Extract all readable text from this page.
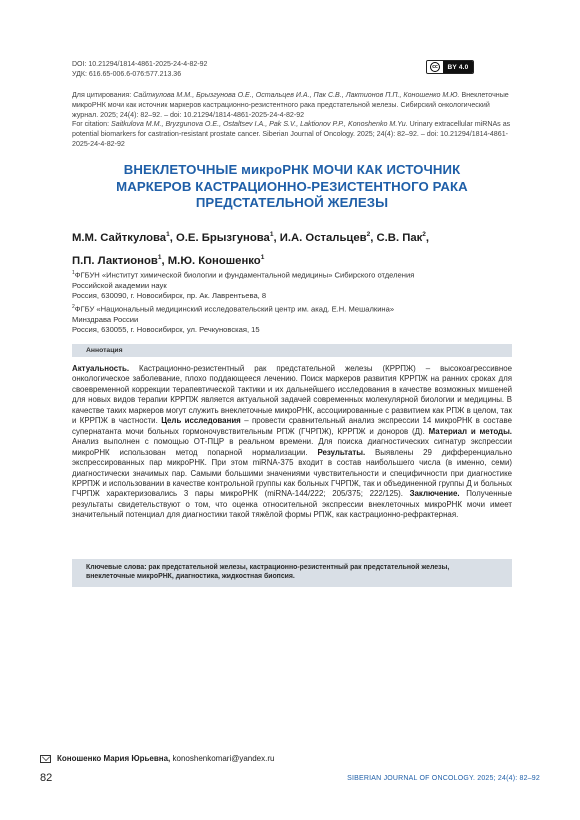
DOI: 10.21294/1814-4861-2025-24-4-82-92
УДК: 616.65-006.6-076:577.213.36
cc	BY 4.0
Для цитирования: Сайткулова М.М., Брызгунова О.Е., Остальцев И.А., Пак С.В., Лактионов П.П., Коношенко М.Ю. Внеклеточные микроРНК мочи как источник маркеров кастрационно-резистентного рака предстательной железы. Сибирский онкологический журнал. 2025; 24(4): 82–92. – doi: 10.21294/1814-4861-2025-24-4-82-92
For citation: Saitkulova M.M., Bryzgunova O.E., Ostaltsev I.A., Pak S.V., Laktionov P.P., Konoshenko M.Yu. Urinary extracellular miRNAs as potential biomarkers for castration-resistant prostate cancer. Siberian Journal of Oncology. 2025; 24(4): 82–92. – doi: 10.21294/1814-4861-2025-24-4-82-92
ВНЕКЛЕТОЧНЫЕ микроРНК МОЧИ КАК ИСТОЧНИК
МАРКЕРОВ КАСТРАЦИОННО-РЕЗИСТЕНТНОГО РАКА
ПРЕДСТАТЕЛЬНОЙ ЖЕЛЕЗЫ
М.М. Сайткулова$^1$, О.Е. Брызгунова$^1$, И.А. Остальцев$^2$, С.В. Пак$^2$,
П.П. Лактионов$^1$, М.Ю. Коношенко$^1$
$^1$ФГБУН «Институт химической биологии и фундаментальной медицины» Сибирского отделения
Российской академии наук
Россия, 630090, г. Новосибирск, пр. Ак. Лаврентьева, 8
$^2$ФГБУ «Национальный медицинский исследовательский центр им. акад. Е.Н. Мешалкина»
Минздрава России
Россия, 630055, г. Новосибирск, ул. Речкуновская, 15
Аннотация
Актуальность. Кастрационно-резистентный рак предстательной железы (КРРПЖ) – высокоагрессивное онкологическое заболевание, плохо поддающееся лечению. Поиск маркеров развития КРРПЖ на ранних сроках для своевременной коррекции терапевтической тактики и их дальнейшего исследования в качестве возможных мишеней для новых видов терапии КРРПЖ является актуальной задачей современных молекулярной биологии и медицины. В качестве таких маркеров могут служить внеклеточные микроРНК, ассоциированные с развитием как РПЖ в целом, так и КРРПЖ в частности. Цель исследования – провести сравнительный анализ экспрессии 14 микроРНК в составе супернатанта мочи больных гормоночувствительным РПЖ (ГЧРПЖ), КРРПЖ и доноров (Д). Материал и методы. Анализ выполнен с помощью ОТ-ПЦР в реальном времени. Для поиска диагностических сигнатур экспрессии микроРНК использован метод попарной нормализации. Результаты. Выявлены 29 дифференциально экспрессированных пар микроРНК. При этом miRNA-375 входит в состав наибольшего числа (в именно, семи) диагностически значимых пар. Самыми большими значениями чувствительности и специфичности при диагностике КРРПЖ и использовании в качестве контрольной группы как больных ГЧРПЖ, так и объединенной группы Д и больных ГЧРПЖ характеризовались 3 пары микроРНК (miRNA-144/222; 205/375; 222/125). Заключение. Полученные результаты свидетельствуют о том, что оценка относительной экспрессии внеклеточных микроРНК мочи имеет значительный потенциал для диагностики такой тяжёлой формы РПЖ, как кастрационно-рефрактерная.
Ключевые слова: рак предстательной железы, кастрационно-резистентный рак предстательной железы, внеклеточные микроРНК, диагностика, жидкостная биопсия.
Коношенко Мария Юрьевна, konoshenkomari@yandex.ru
82	SIBERIAN JOURNAL OF ONCOLOGY. 2025; 24(4): 82–92
